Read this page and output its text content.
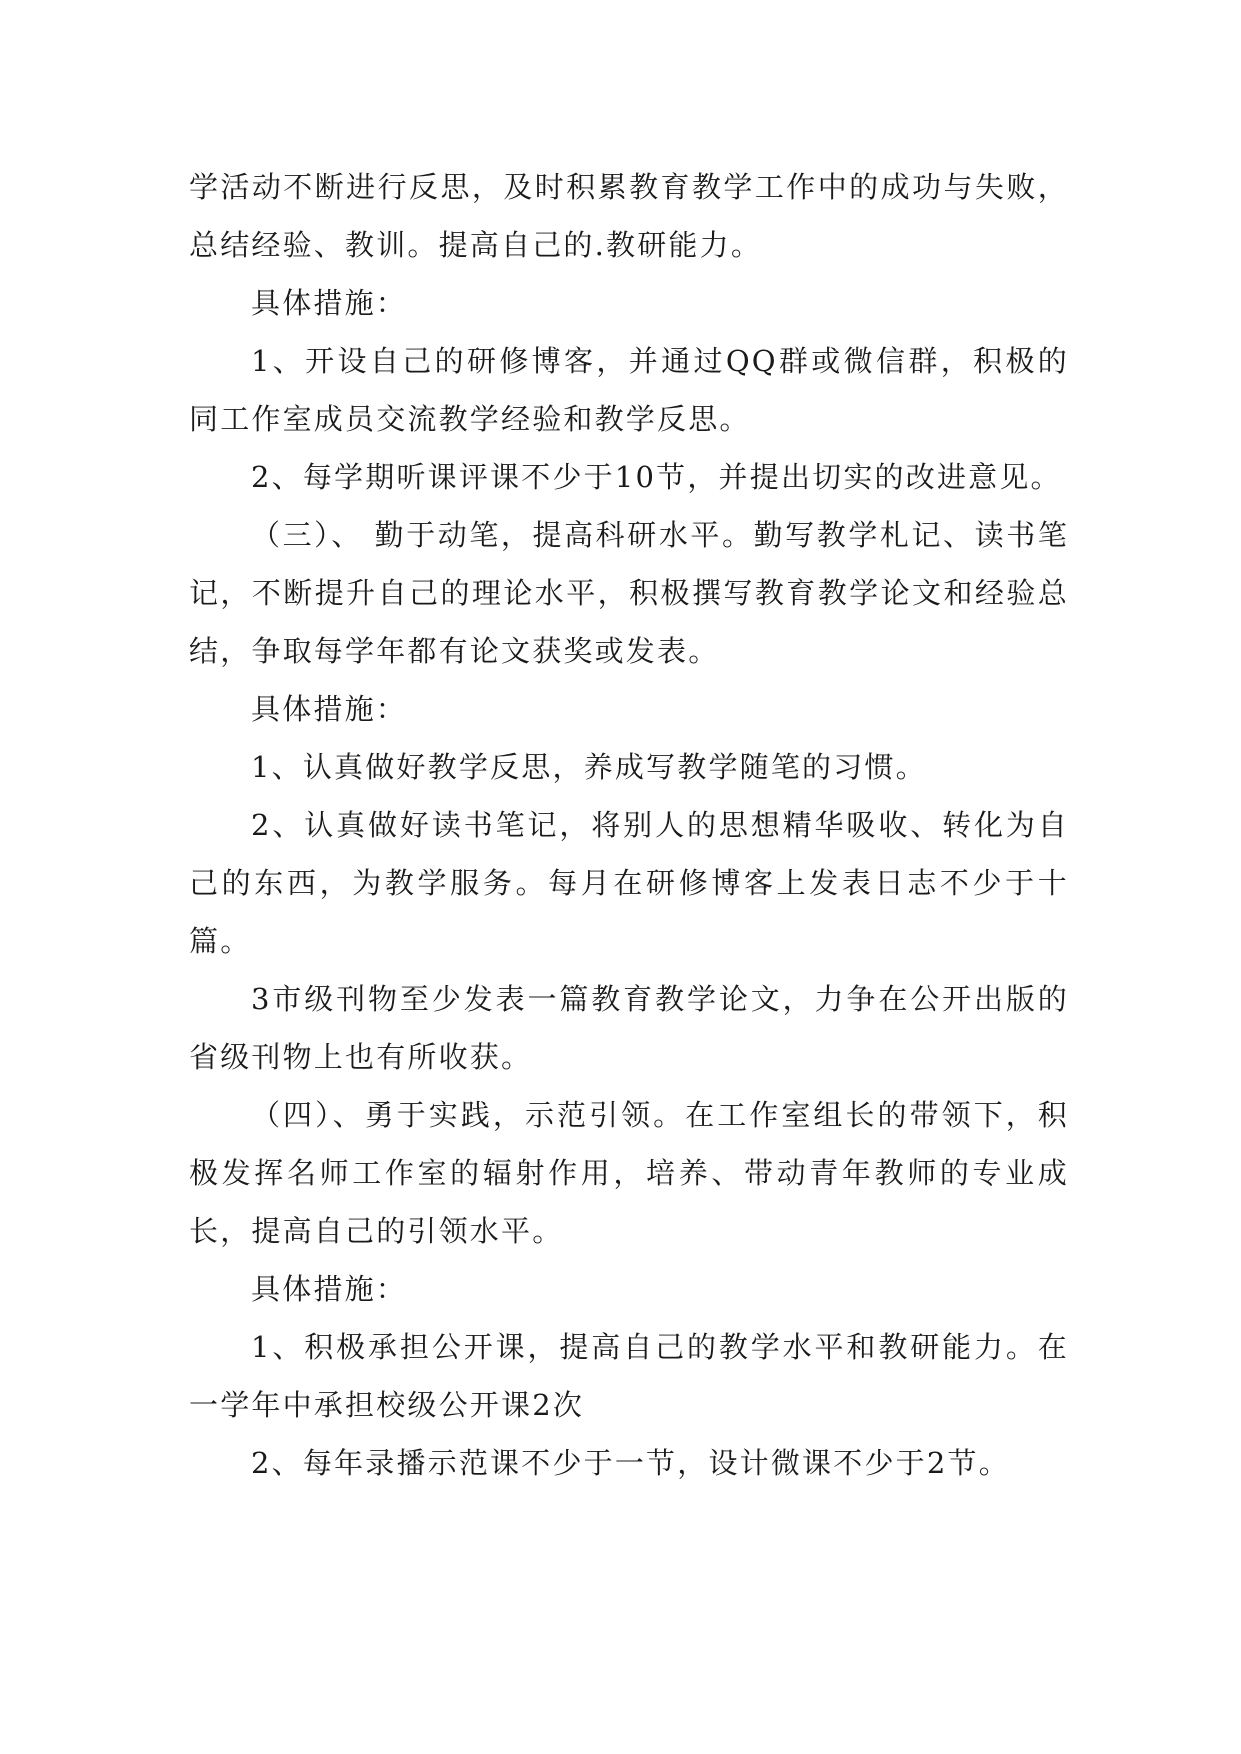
学活动不断进行反思，及时积累教育教学工作中的成功与失败，总结经验、教训。提高自己的.教研能力。

具体措施：

1、开设自己的研修博客，并通过QQ群或微信群，积极的同工作室成员交流教学经验和教学反思。

2、每学期听课评课不少于10节，并提出切实的改进意见。

（三）、 勤于动笔，提高科研水平。勤写教学札记、读书笔记，不断提升自己的理论水平，积极撰写教育教学论文和经验总结，争取每学年都有论文获奖或发表。

具体措施：

1、认真做好教学反思，养成写教学随笔的习惯。

2、认真做好读书笔记，将别人的思想精华吸收、转化为自己的东西，为教学服务。每月在研修博客上发表日志不少于十篇。

3市级刊物至少发表一篇教育教学论文，力争在公开出版的省级刊物上也有所收获。

（四）、勇于实践，示范引领。在工作室组长的带领下，积极发挥名师工作室的辐射作用，培养、带动青年教师的专业成长，提高自己的引领水平。

具体措施：

1、积极承担公开课，提高自己的教学水平和教研能力。在一学年中承担校级公开课2次

2、每年录播示范课不少于一节，设计微课不少于2节。
